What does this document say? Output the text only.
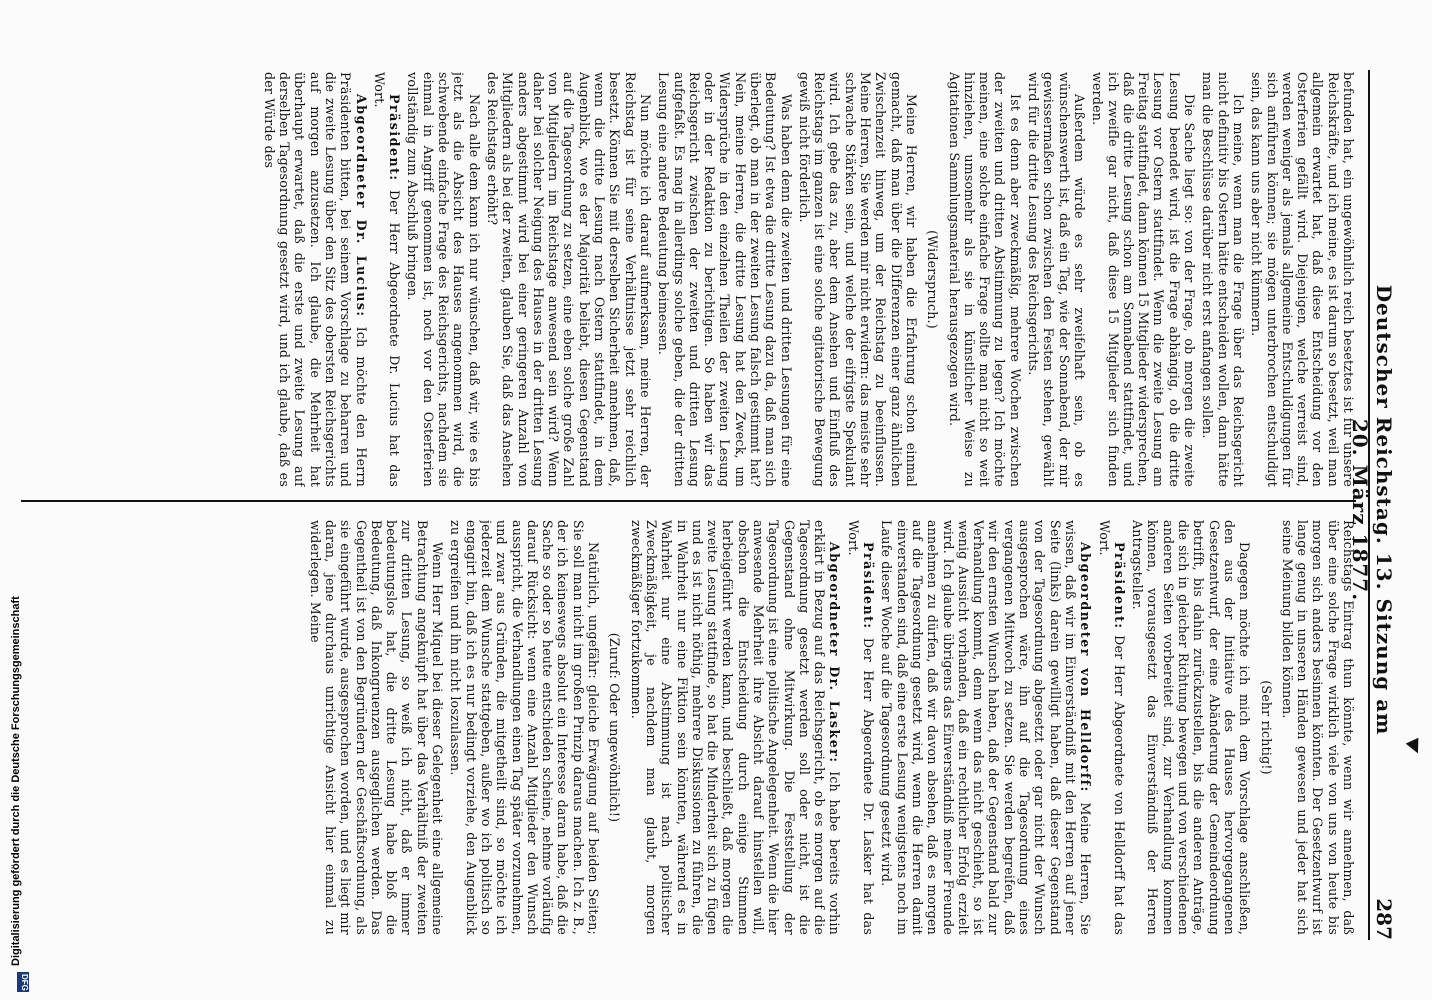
Deutscher Reichstag. 13. Sitzung am 20. März 1877.
287

befunden hat, ein ungewöhnlich reich besetztes ist für unsere Reichskräfte, und ich meine, es ist darum so besetzt, weil man allgemein erwartet hat, daß diese Entscheidung vor den Osterferien gefällt wird. Diejenigen, welche verreist sind, werden weniger als jemals allgemeine Entschuldigungen für sich anführen können; sie mögen unterbrochen entschuldigt sein, das kann uns aber nicht kümmern.

Ich meine, wenn man die Frage über das Reichsgericht nicht definitiv bis Ostern hätte entscheiden wollen, dann hätte man die Beschlüsse darüber nicht erst anfangen sollen.

Die Sache liegt so: von der Frage, ob morgen die zweite Lesung beendet wird, ist die Frage abhängig, ob die dritte Lesung vor Ostern stattfindet. Wenn die zweite Lesung am Freitag stattfindet, dann können 15 Mitglieder widersprechen, daß die dritte Lesung schon am Sonnabend stattfindet, und ich zweifle gar nicht, daß diese 15 Mitglieder sich finden werden.

Außerdem würde es sehr zweifelhaft sein, ob es wünschenswerth ist, daß ein Tag, wie der Sonnabend, der mir gewissermaßen schon zwischen den Festen stehen, gewählt wird für die dritte Lesung des Reichsgerichts.

Ist es denn aber zweckmäßig, mehrere Wochen zwischen der zweiten und dritten Abstimmung zu legen? Ich möchte meinen, eine solche einfache Frage sollte man nicht so weit hinziehen, umsomehr als sie in künstlicher Weise zu Agitationen Sammlungsmaterial herausgezogen wird.

(Widerspruch.)

Meine Herren, wir haben die Erfahrung schon einmal gemacht, daß man über die Differenzen einer ganz ähnlichen Zwischenzeit hinweg, um der Reichstag zu beeinflussen. Meine Herren, Sie werden mir nicht erwidern: das meiste sehr schwache Stärken sein, und welche der eifrigste Spekulant wird. Ich gebe das zu, aber dem Ansehen und Einfluß des Reichstags im ganzen ist eine solche agitatorische Bewegung gewiß nicht förderlich.

Was haben denn die zweiten und dritten Lesungen für eine Bedeutung? Ist etwa die dritte Lesung dazu da, daß man sich überlegt, ob man in der zweiten Lesung falsch gestimmt hat? Nein, meine Herren, die dritte Lesung hat den Zweck, um Widersprüche in den einzelnen Theilen der zweiten Lesung oder in der Redaktion zu berichtigen. So haben wir das Reichsgericht zwischen der zweiten und dritten Lesung aufgefaßt. Es mag in allerdings solche geben, die der dritten Lesung eine andere Bedeutung beimessen.

Nun möchte ich darauf aufmerksam, meine Herren, der Reichstag ist für seine Verhältnisse jetzt sehr reichlich besetzt. Können Sie mit derselben Sicherheit annehmen, daß, wenn die dritte Lesung nach Ostern stattfindet, in dem Augenblick, wo es der Majorität beliebt, diesen Gegenstand auf die Tagesordnung zu setzen, eine eben solche große Zahl von Mitgliedern im Reichstage anwesend sein wird? Wenn daher bei solcher Neigung des Hauses in der dritten Lesung anders abgestimmt wird bei einer geringeren Anzahl von Mitgliedern als bei der zweiten, glauben Sie, daß das Ansehen des Reichstags erhöht?

Nach alle dem kann ich nur wünschen, daß wir, wie es bis jetzt als die Absicht des Hauses angenommen wird, die schwebende einfache Frage des Reichsgerichts, nachdem sie einmal in Angriff genommen ist, noch vor den Osterferien vollständig zum Abschluß bringen.

Präsident: Der Herr Abgeordnete Dr. Lucius hat das Wort.

Abgeordneter Dr. Lucius: Ich möchte den Herrn Präsidenten bitten, bei seinem Vorschlage zu beharren und die zweite Lesung über den Sitz des obersten Reichsgerichts auf morgen anzusetzen. Ich glaube, die Mehrheit hat überhaupt erwartet, daß die erste und zweite Lesung auf derselben Tagesordnung gesetzt wird, und ich glaube, daß es der Würde des

Reichstags Eintrag thun könnte, wenn wir annehmen, daß über eine solche Frage wirklich viele von uns von heute bis morgen sich anders besinnen könnten. Der Gesetzentwurf ist lange genug in unseren Händen gewesen und jeder hat sich seine Meinung bilden können.

(Sehr richtig!)

Dagegen möchte ich mich dem Vorschlage anschließen, den aus der Initiative des Hauses hervorgegangenen Gesetzentwurf, der eine Abänderung der Gemeindeordnung betrifft, bis dahin zurückzustellen, bis die anderen Anträge, die sich in gleicher Richtung bewegen und von verschiedenen anderen Seiten vorbereitet sind, zur Verhandlung kommen können, vorausgesetzt das Einverständniß der Herren Antragsteller.

Präsident: Der Herr Abgeordnete von Helldorff hat das Wort.

Abgeordneter von Helldorff: Meine Herren, Sie wissen, daß wir im Einverständniß mit den Herren auf jener Seite (links) darein gewilligt haben, daß dieser Gegenstand von der Tagesordnung abgesetzt oder gar nicht der Wunsch ausgesprochen wäre, ihn auf die Tagesordnung eines vergangenen Mittwoch zu setzen. Sie werden begreifen, daß wir den ernsten Wunsch haben, daß der Gegenstand bald zur Verhandlung kommt, denn wenn das nicht geschieht, so ist wenig Aussicht vorhanden, daß ein rechtlicher Erfolg erzielt wird. Ich glaube übrigens das Einverständniß meiner Freunde annehmen zu dürfen, daß wir davon absehen, daß es morgen auf die Tagesordnung gesetzt wird, wenn die Herren damit einverstanden sind, daß eine erste Lesung wenigstens noch im Laufe dieser Woche auf die Tagesordnung gesetzt wird.

Präsident: Der Herr Abgeordnete Dr. Lasker hat das Wort.

Abgeordneter Dr. Lasker: Ich habe bereits vorhin erklärt in Bezug auf das Reichsgericht, ob es morgen auf die Tagesordnung gesetzt werden soll oder nicht, ist die Gegenstand ohne Mitwirkung. Die Feststellung der Tagesordnung ist eine politische Angelegenheit. Wenn die hier anwesende Mehrheit ihre Absicht darauf hinstellen will, obschon die Entscheidung durch einige Stimmen herbeigeführt werden kann, und beschließt, daß morgen die zweite Lesung stattfinde, so hat die Minderheit sich zu fügen und es ist nicht nöthig, mehrere Diskussionen zu führen, die in Wahrheit nur eine Fiktion sein könnten, während es in Wahrheit nur eine Abstimmung ist nach politischer Zweckmäßigkeit, je nachdem man glaubt, morgen zweckmäßiger fortzukommen.

(Zuruf: Oder ungewöhnlich!)

Natürlich, ungefähr: gleiche Erwägung auf beiden Seiten; Sie soll man nicht im großen Prinzip daraus machen. Ich z. B., der ich keineswegs absolut ein Interesse daran habe, daß die Sache so oder so heute entschieden scheine, nehme vorläufig darauf Rücksicht: wenn eine Anzahl Mitglieder den Wunsch ausspricht, die Verhandlungen einen Tag später vorzunehmen, und zwar aus Gründen, die mitgetheilt sind, so möchte ich jederzeit dem Wunsche stattgeben, außer wo ich politisch so engagirt bin, daß ich es nur bedingt vorziehe, den Augenblick zu ergreifen und ihn nicht loszulassen.

Wenn Herr Miquel bei dieser Gelegenheit eine allgemeine Betrachtung angeknüpft hat über das Verhältniß der zweiten zur dritten Lesung, so weiß ich nicht, daß er immer bedeutungslos hat, die dritte Lesung habe bloß die Bedeutung, daß Inkongruenzen ausgeglichen werden. Das Gegentheil ist von den Begründern der Geschäftsordnung, als sie eingeführt wurde, ausgesprochen worden, und es liegt mir daran, jene durchaus unrichtige Ansicht hier einmal zu widerlegen. Meine

Digitalisierung gefördert durch die Deutsche Forschungsgemeinschaft
DFG
